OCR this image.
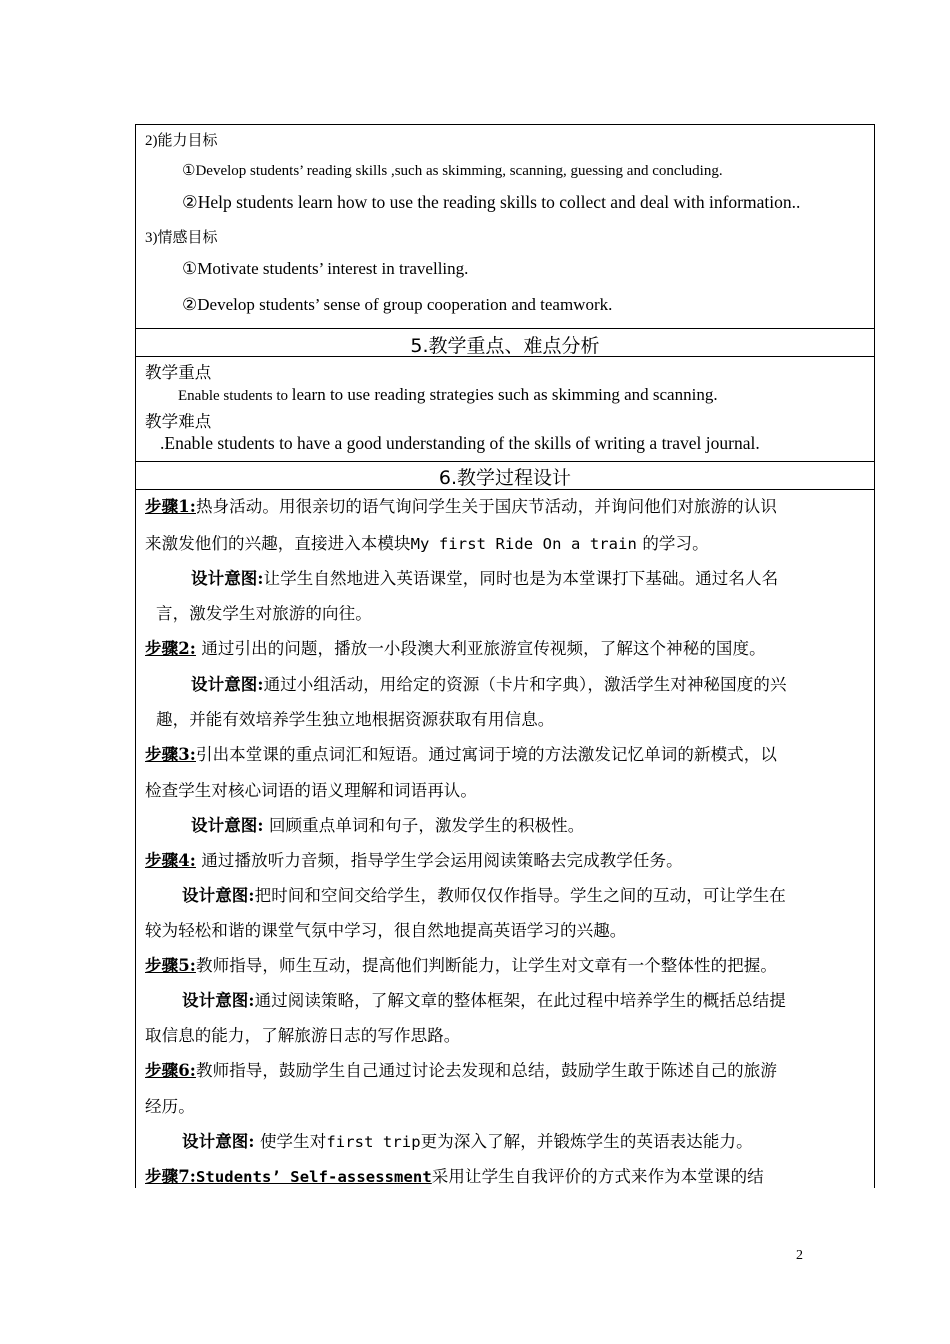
2)能力目标
①Develop students’ reading skills ,such as skimming, scanning, guessing and concluding.
②Help students learn how to use the reading skills to collect and deal with information..
3)情感目标
①Motivate students’ interest in travelling.
②Develop students’ sense of group cooperation and teamwork.
5.教学重点、难点分析
教学重点
Enable students to learn to use reading strategies such as skimming and scanning.
教学难点
.Enable students to have a good understanding of the skills of writing a travel journal.
6.教学过程设计
步骤1:热身活动。用很亲切的语气询问学生关于国庆节活动，并询问他们对旅游的认识
来激发他们的兴趣，直接进入本模块My first Ride On a train 的学习。
设计意图:让学生自然地进入英语课堂，同时也是为本堂课打下基础。通过名人名
言，激发学生对旅游的向往。
步骤2: 通过引出的问题，播放一小段澳大利亚旅游宣传视频，了解这个神秘的国度。
设计意图:通过小组活动，用给定的资源（卡片和字典），激活学生对神秘国度的兴
趣，并能有效培养学生独立地根据资源获取有用信息。
步骤3:引出本堂课的重点词汇和短语。通过寓词于境的方法激发记忆单词的新模式，以
检查学生对核心词语的语义理解和词语再认。
设计意图: 回顾重点单词和句子，激发学生的积极性。
步骤4: 通过播放听力音频，指导学生学会运用阅读策略去完成教学任务。
设计意图:把时间和空间交给学生，教师仅仅作指导。学生之间的互动，可让学生在
较为轻松和谐的课堂气氛中学习，很自然地提高英语学习的兴趣。
步骤5:教师指导，师生互动，提高他们判断能力，让学生对文章有一个整体性的把握。
设计意图:通过阅读策略，了解文章的整体框架，在此过程中培养学生的概括总结提
取信息的能力，了解旅游日志的写作思路。
步骤6:教师指导，鼓励学生自己通过讨论去发现和总结，鼓励学生敢于陈述自己的旅游
经历。
设计意图: 使学生对first trip更为深入了解，并锻炼学生的英语表达能力。
步骤7:Students’ Self-assessment采用让学生自我评价的方式来作为本堂课的结
2
